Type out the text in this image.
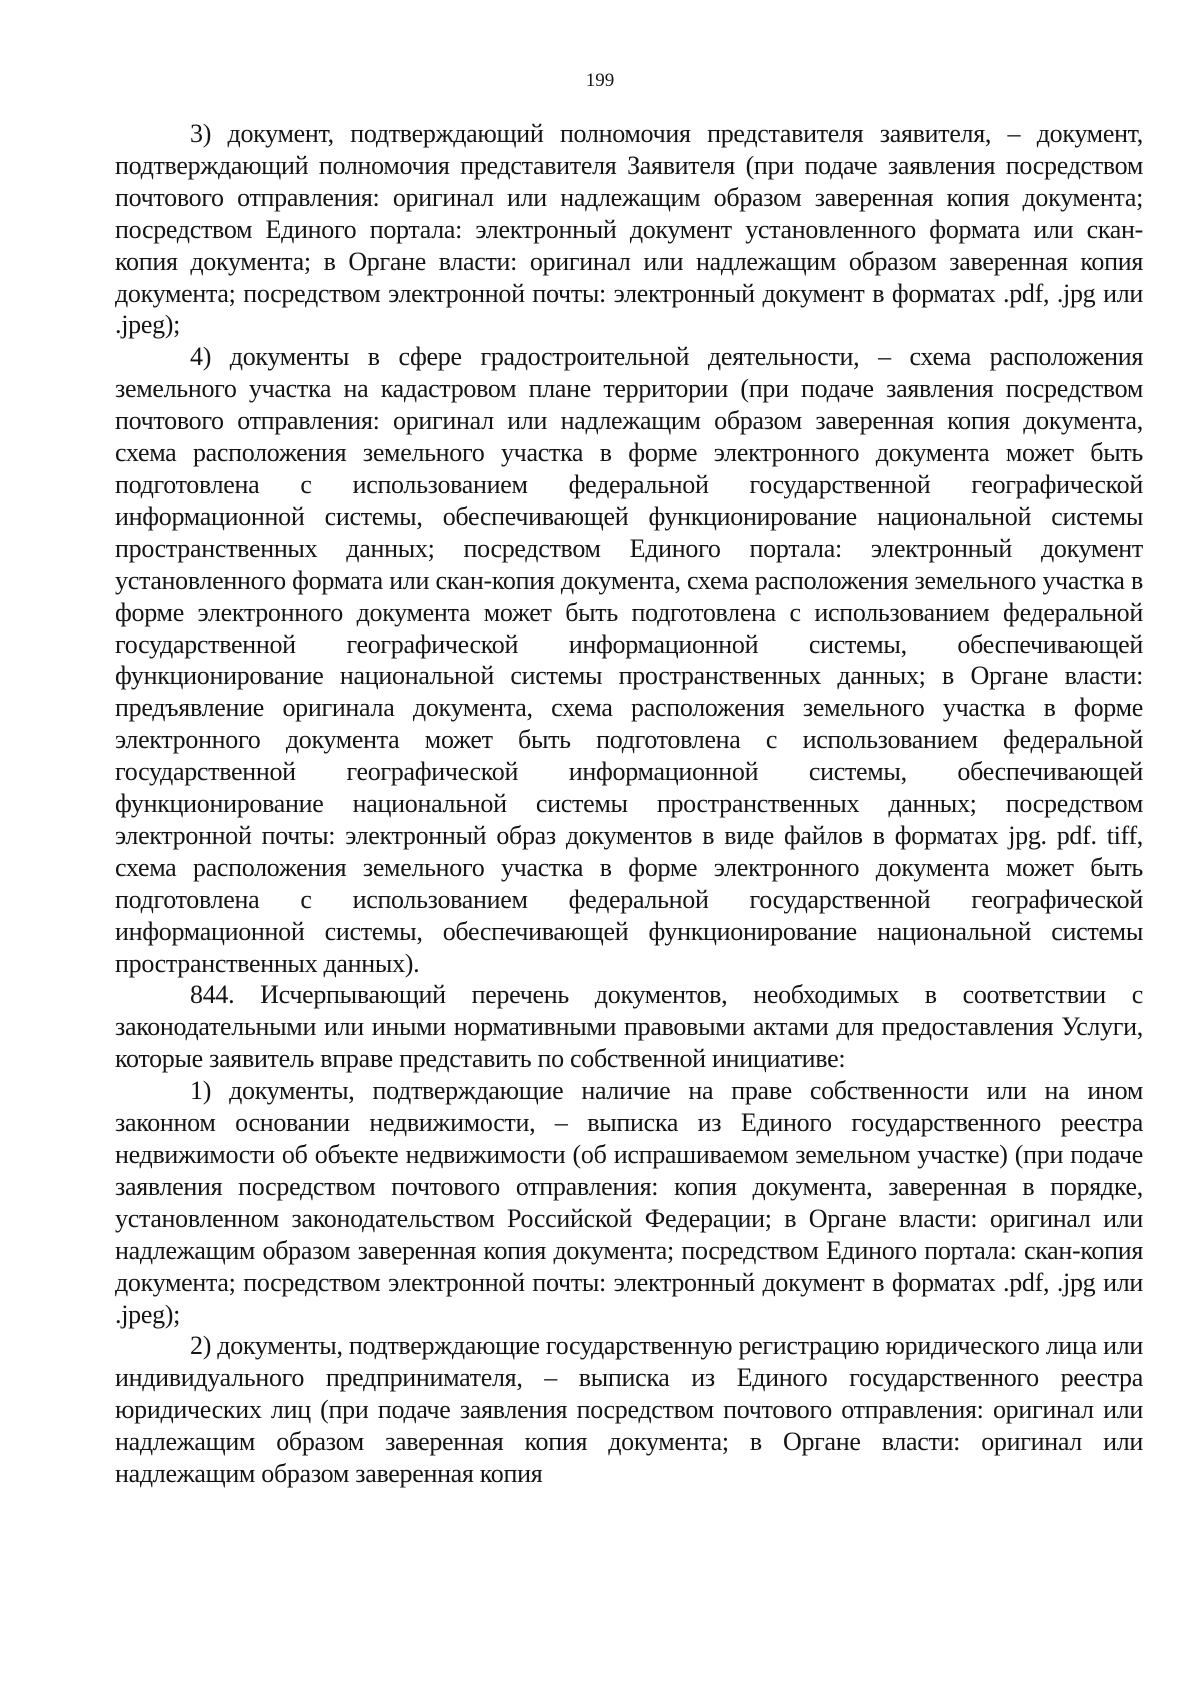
199

3) документ, подтверждающий полномочия представителя заявителя, – документ, подтверждающий полномочия представителя Заявителя (при подаче заявления посредством почтового отправления: оригинал или надлежащим образом заверенная копия документа; посредством Единого портала: электронный документ установленного формата или скан-копия документа; в Органе власти: оригинал или надлежащим образом заверенная копия документа; посредством электронной почты: электронный документ в форматах .pdf, .jpg или .jpeg);

4) документы в сфере градостроительной деятельности, – схема расположения земельного участка на кадастровом плане территории (при подаче заявления посредством почтового отправления: оригинал или надлежащим образом заверенная копия документа, схема расположения земельного участка в форме электронного документа может быть подготовлена с использованием федеральной государственной географической информационной системы, обеспечивающей функционирование национальной системы пространственных данных; посредством Единого портала: электронный документ установленного формата или скан-копия документа, схема расположения земельного участка в форме электронного документа может быть подготовлена с использованием федеральной государственной географической информационной системы, обеспечивающей функционирование национальной системы пространственных данных; в Органе власти: предъявление оригинала документа, схема расположения земельного участка в форме электронного документа может быть подготовлена с использованием федеральной государственной географической информационной системы, обеспечивающей функционирование национальной системы пространственных данных; посредством электронной почты: электронный образ документов в виде файлов в форматах jpg. pdf. tiff, схема расположения земельного участка в форме электронного документа может быть подготовлена с использованием федеральной государственной географической информационной системы, обеспечивающей функционирование национальной системы пространственных данных).

844. Исчерпывающий перечень документов, необходимых в соответствии с законодательными или иными нормативными правовыми актами для предоставления Услуги, которые заявитель вправе представить по собственной инициативе:

1) документы, подтверждающие наличие на праве собственности или на ином законном основании недвижимости, – выписка из Единого государственного реестра недвижимости об объекте недвижимости (об испрашиваемом земельном участке) (при подаче заявления посредством почтового отправления: копия документа, заверенная в порядке, установленном законодательством Российской Федерации; в Органе власти: оригинал или надлежащим образом заверенная копия документа; посредством Единого портала: скан-копия документа; посредством электронной почты: электронный документ в форматах .pdf, .jpg или .jpeg);

2) документы, подтверждающие государственную регистрацию юридического лица или индивидуального предпринимателя, – выписка из Единого государственного реестра юридических лиц (при подаче заявления посредством почтового отправления: оригинал или надлежащим образом заверенная копия документа; в Органе власти: оригинал или надлежащим образом заверенная копия
